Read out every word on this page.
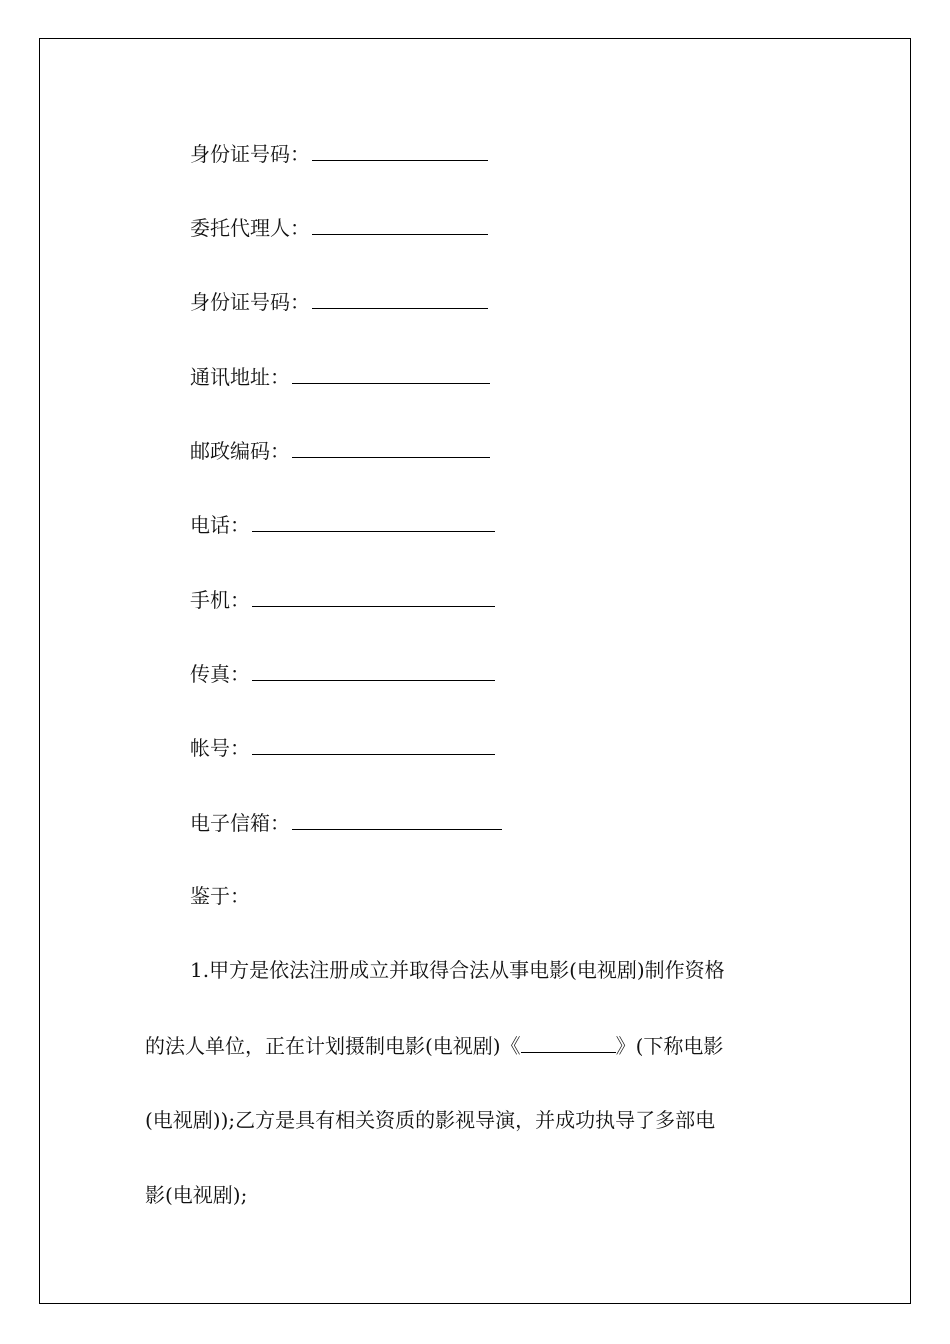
身份证号码：
委托代理人：
身份证号码：
通讯地址：
邮政编码：
电话：
手机：
传真：
帐号：
电子信箱：
鉴于：
1.甲方是依法注册成立并取得合法从事电影(电视剧)制作资格
的法人单位，正在计划摄制电影(电视剧)《	》(下称电影
(电视剧));乙方是具有相关资质的影视导演，并成功执导了多部电
影(电视剧);
